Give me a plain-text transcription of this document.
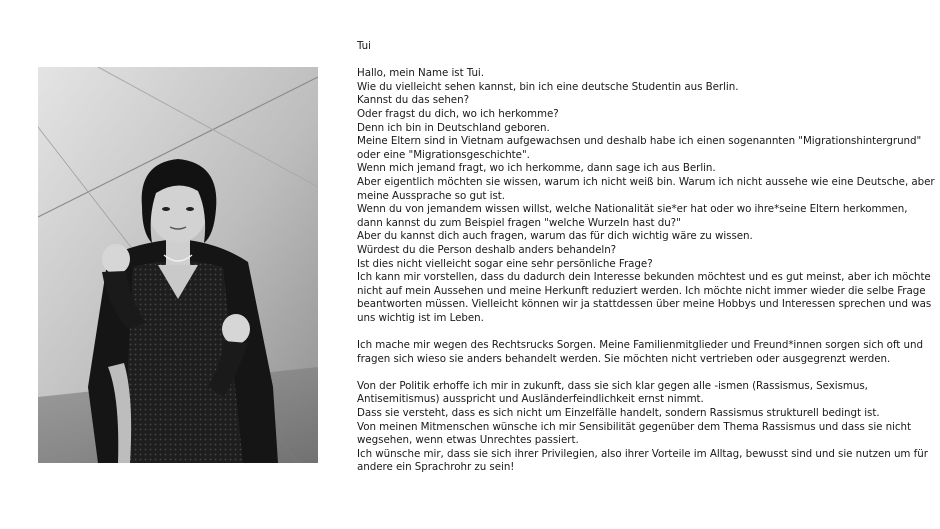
Tui
Hallo, mein Name ist Tui.
Wie du vielleicht sehen kannst, bin ich eine deutsche Studentin aus Berlin.
Kannst du das sehen?
Oder fragst du dich, wo ich herkomme?
Denn ich bin in Deutschland geboren.
Meine Eltern sind in Vietnam aufgewachsen und deshalb habe ich einen sogenannten "Migrationshintergrund"
oder eine "Migrationsgeschichte".
Wenn mich jemand fragt, wo ich herkomme, dann sage ich aus Berlin.
Aber eigentlich möchten sie wissen, warum ich nicht weiß bin. Warum ich nicht aussehe wie eine Deutsche, aber
meine Aussprache so gut ist.
Wenn du von jemandem wissen willst, welche Nationalität sie*er hat oder wo ihre*seine Eltern herkommen,
dann kannst du zum Beispiel fragen "welche Wurzeln hast du?"
Aber du kannst dich auch fragen, warum das für dich wichtig wäre zu wissen.
Würdest du die Person deshalb anders behandeln?
Ist dies nicht vielleicht sogar eine sehr persönliche Frage?
Ich kann mir vorstellen, dass du dadurch dein Interesse bekunden möchtest und es gut meinst, aber ich möchte
nicht auf mein Aussehen und meine Herkunft reduziert werden. Ich möchte nicht immer wieder die selbe Frage
beantworten müssen. Vielleicht können wir ja stattdessen über meine Hobbys und Interessen sprechen und was
uns wichtig ist im Leben.
Ich mache mir wegen des Rechtsrucks Sorgen. Meine Familienmitglieder und Freund*innen sorgen sich oft und
fragen sich wieso sie anders behandelt werden. Sie möchten nicht vertrieben oder ausgegrenzt werden.
Von der Politik erhoffe ich mir in zukunft, dass sie sich klar gegen alle -ismen (Rassismus, Sexismus,
Antisemitismus) ausspricht und Ausländerfeindlichkeit ernst nimmt.
Dass sie versteht, dass es sich nicht um Einzelfälle handelt, sondern Rassismus strukturell bedingt ist.
Von meinen Mitmenschen wünsche ich mir Sensibilität gegenüber dem Thema Rassismus und dass sie nicht
wegsehen, wenn etwas Unrechtes passiert.
Ich wünsche mir, dass sie sich ihrer Privilegien, also ihrer Vorteile im Alltag, bewusst sind und sie nutzen um für
andere ein Sprachrohr zu sein!
